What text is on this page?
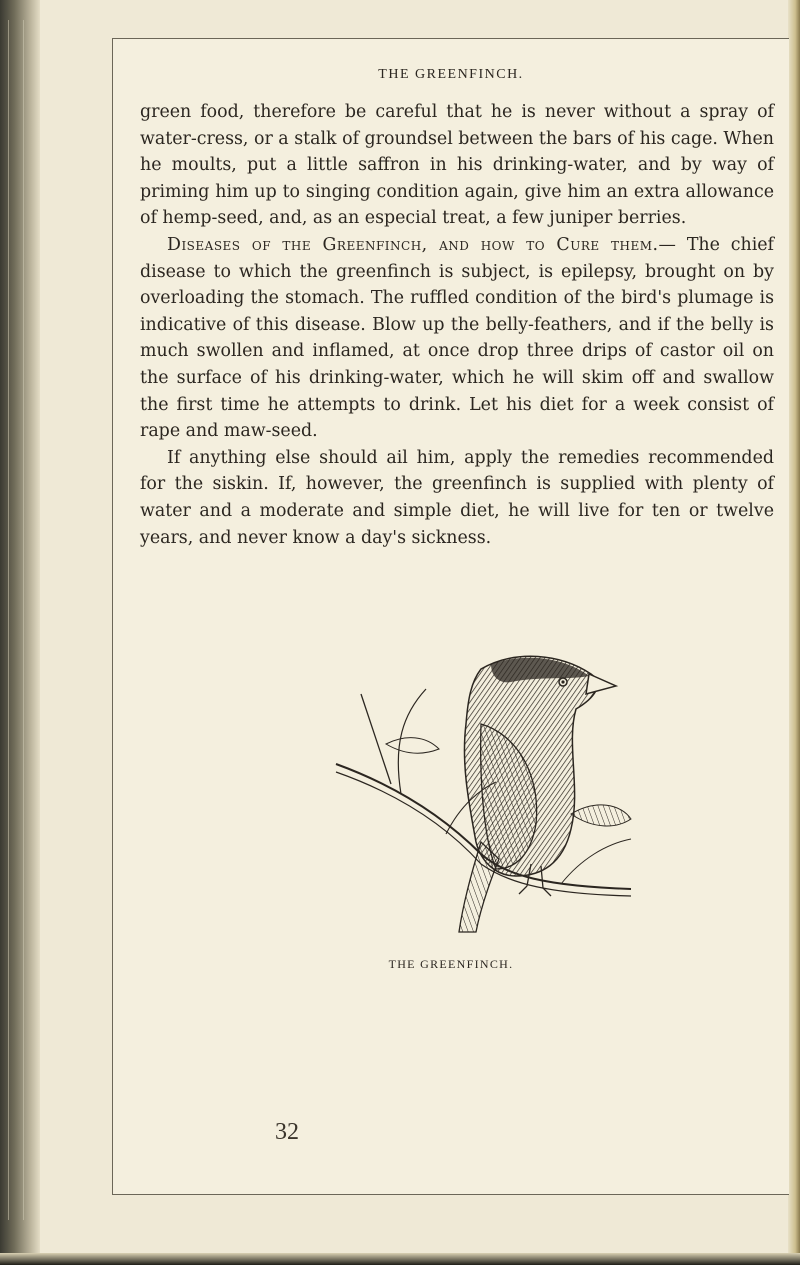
THE GREENFINCH.

green food, therefore be careful that he is never without a spray of water-cress, or a stalk of groundsel between the bars of his cage. When he moults, put a little saffron in his drinking-water, and by way of priming him up to singing condition again, give him an extra allowance of hemp-seed, and, as an especial treat, a few juniper berries.

Diseases of the Greenfinch, and how to Cure them.— The chief disease to which the greenfinch is subject, is epilepsy, brought on by overloading the stomach. The ruffled condition of the bird's plumage is indicative of this disease. Blow up the belly-feathers, and if the belly is much swollen and inflamed, at once drop three drips of castor oil on the surface of his drinking-water, which he will skim off and swallow the first time he attempts to drink. Let his diet for a week consist of rape and maw-seed.

If anything else should ail him, apply the remedies recommended for the siskin. If, however, the greenfinch is supplied with plenty of water and a moderate and simple diet, he will live for ten or twelve years, and never know a day's sickness.

THE GREENFINCH.
32
